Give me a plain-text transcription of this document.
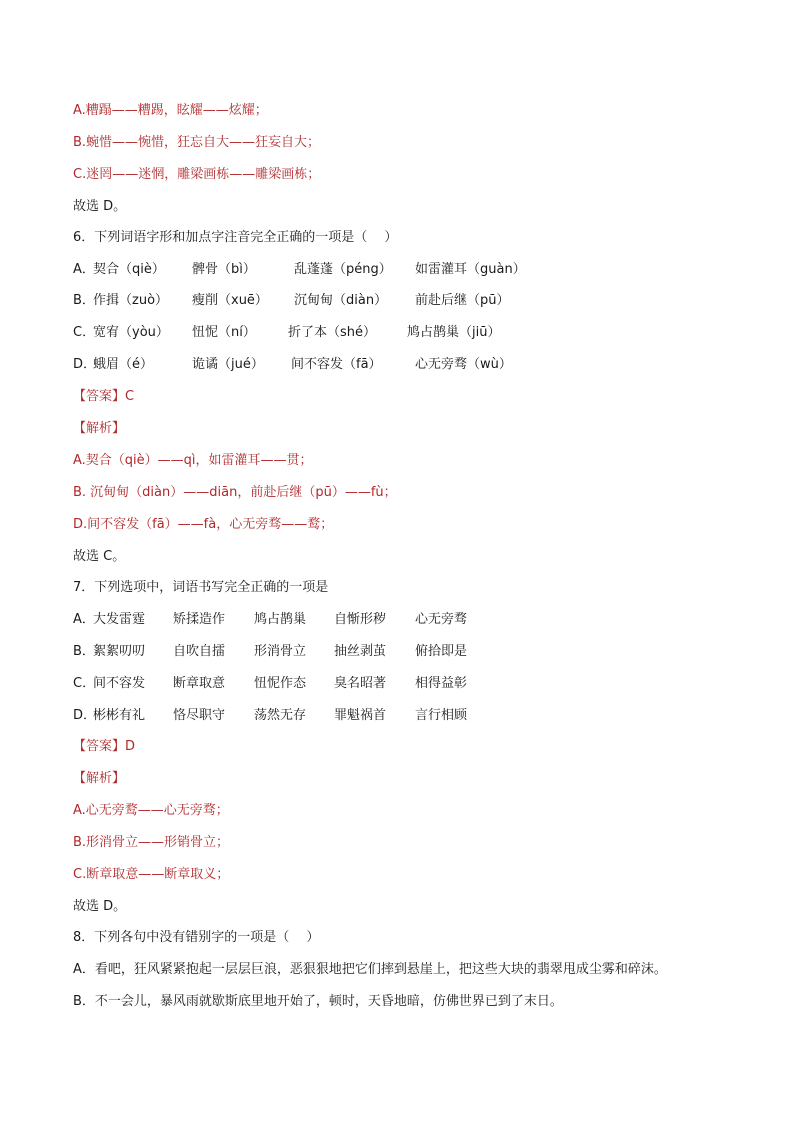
A.糟蹋——糟踢，眩耀——炫耀；
B.蜿惜——惋惜，狂忘自大——狂妄自大；
C.迷罔——迷惘，雕梁画栋——雕梁画栋；
故选 D。
6．下列词语字形和加点字注音完全正确的一项是（　 ）
A．
契合（qiè） 髀骨（bì）	乱蓬蓬（péng） 如雷灌耳（guàn）
B．
作揖（zuò） 瘦削（xuē） 沉甸甸（diàn） 前赴后继（pū）
C．
宽宥（yòu） 忸怩（ní） 折了本（shé） 鸠占鹊巢（jiū）
D．
蛾眉（é）	诡谲（jué） 间不容发（fā）	心无旁骛（wù）
【答案】C
【解析】
A.契合（qiè）——qì，如雷灌耳——贯；
B. 沉甸甸（diàn）——diān，前赴后继（pū）——fù；
D.间不容发（fā）——fà，心无旁骛——鹜；
故选 C。
7．下列选项中，词语书写完全正确的一项是
A．
大发雷霆 矫揉造作 鸠占鹊巢 自惭形秽 心无旁骛
B．
絮絮叨叨 自吹自擂 形消骨立 抽丝剥茧 俯拾即是
C．
间不容发 断章取意 忸怩作态 臭名昭著 相得益彰
D．
彬彬有礼 恪尽职守 荡然无存 罪魁祸首 言行相顾
【答案】D
【解析】
A.心无旁鹜——心无旁骛；
B.形消骨立——形销骨立；
C.断章取意——断章取义；
故选 D。
8．下列各句中没有错别字的一项是（　 ）
A．看吧，狂风紧紧抱起一层层巨浪，恶狠狠地把它们摔到悬崖上，把这些大块的翡翠甩成尘雾和碎沫。
B．不一会儿，暴风雨就歇斯底里地开始了，顿时，天昏地暗，仿佛世界已到了末日。
